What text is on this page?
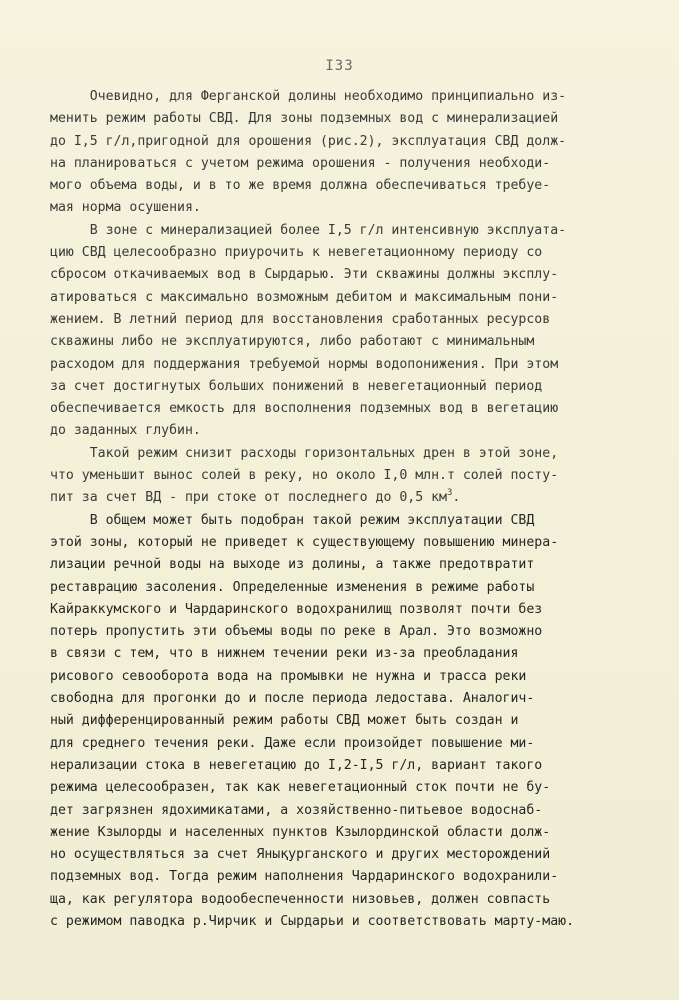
I33
Очевидно, для Ферганской долины необходимо принципиально из-
менить режим работы СВД. Для зоны подземных вод с минерализацией
до I,5 г/л,пригодной для орошения (рис.2), эксплуатация СВД долж-
на планироваться с учетом режима орошения - получения необходи-
мого объема воды, и в то же время должна обеспечиваться требуе-
мая норма осушения.
В зоне с минерализацией более I,5 г/л интенсивную эксплуата-
цию СВД целесообразно приурочить к невегетационному периоду со
сбросом откачиваемых вод в Сырдарью. Эти скважины должны эксплу-
атироваться с максимально возможным дебитом и максимальным пони-
жением. В летний период для восстановления сработанных ресурсов
скважины либо не эксплуатируются, либо работают с минимальным
расходом для поддержания требуемой нормы водопонижения. При этом
за счет достигнутых больших понижений в невегетационный период
обеспечивается емкость для восполнения подземных вод в вегетацию
до заданных глубин.
Такой режим снизит расходы горизонтальных дрен в этой зоне,
что уменьшит вынос солей в реку, но около I,0 млн.т солей посту-
пит за счет ВД - при стоке от последнего до 0,5 $км^3$.
В общем может быть подобран такой режим эксплуатации СВД
этой зоны, который не приведет к существующему повышению минера-
лизации речной воды на выходе из долины, а также предотвратит
реставрацию засоления. Определенные изменения в режиме работы
Кайраккумского и Чардаринского водохранилищ позволят почти без
потерь пропустить эти объемы воды по реке в Арал. Это возможно
в связи с тем, что в нижнем течении реки из-за преобладания
рисового севооборота вода на промывки не нужна и трасса реки
свободна для прогонки до и после периода ледостава. Аналогич-
ный дифференцированный режим работы СВД может быть создан и
для среднего течения реки. Даже если произойдет повышение ми-
нерализации стока в невегетацию до I,2-I,5 г/л, вариант такого
режима целесообразен, так как невегетационный сток почти не бу-
дет загрязнен ядохимикатами, а хозяйственно-питьевое водоснаб-
жение Кзылорды и населенных пунктов Кзылординской области долж-
но осуществляться за счет Янықурганского и других месторождений
подземных вод. Тогда режим наполнения Чардаринского водохранили-
ща, как регулятора водообеспеченности низовьев, должен совпасть
с режимом паводка р.Чирчик и Сырдарьи и соответствовать марту-маю.
